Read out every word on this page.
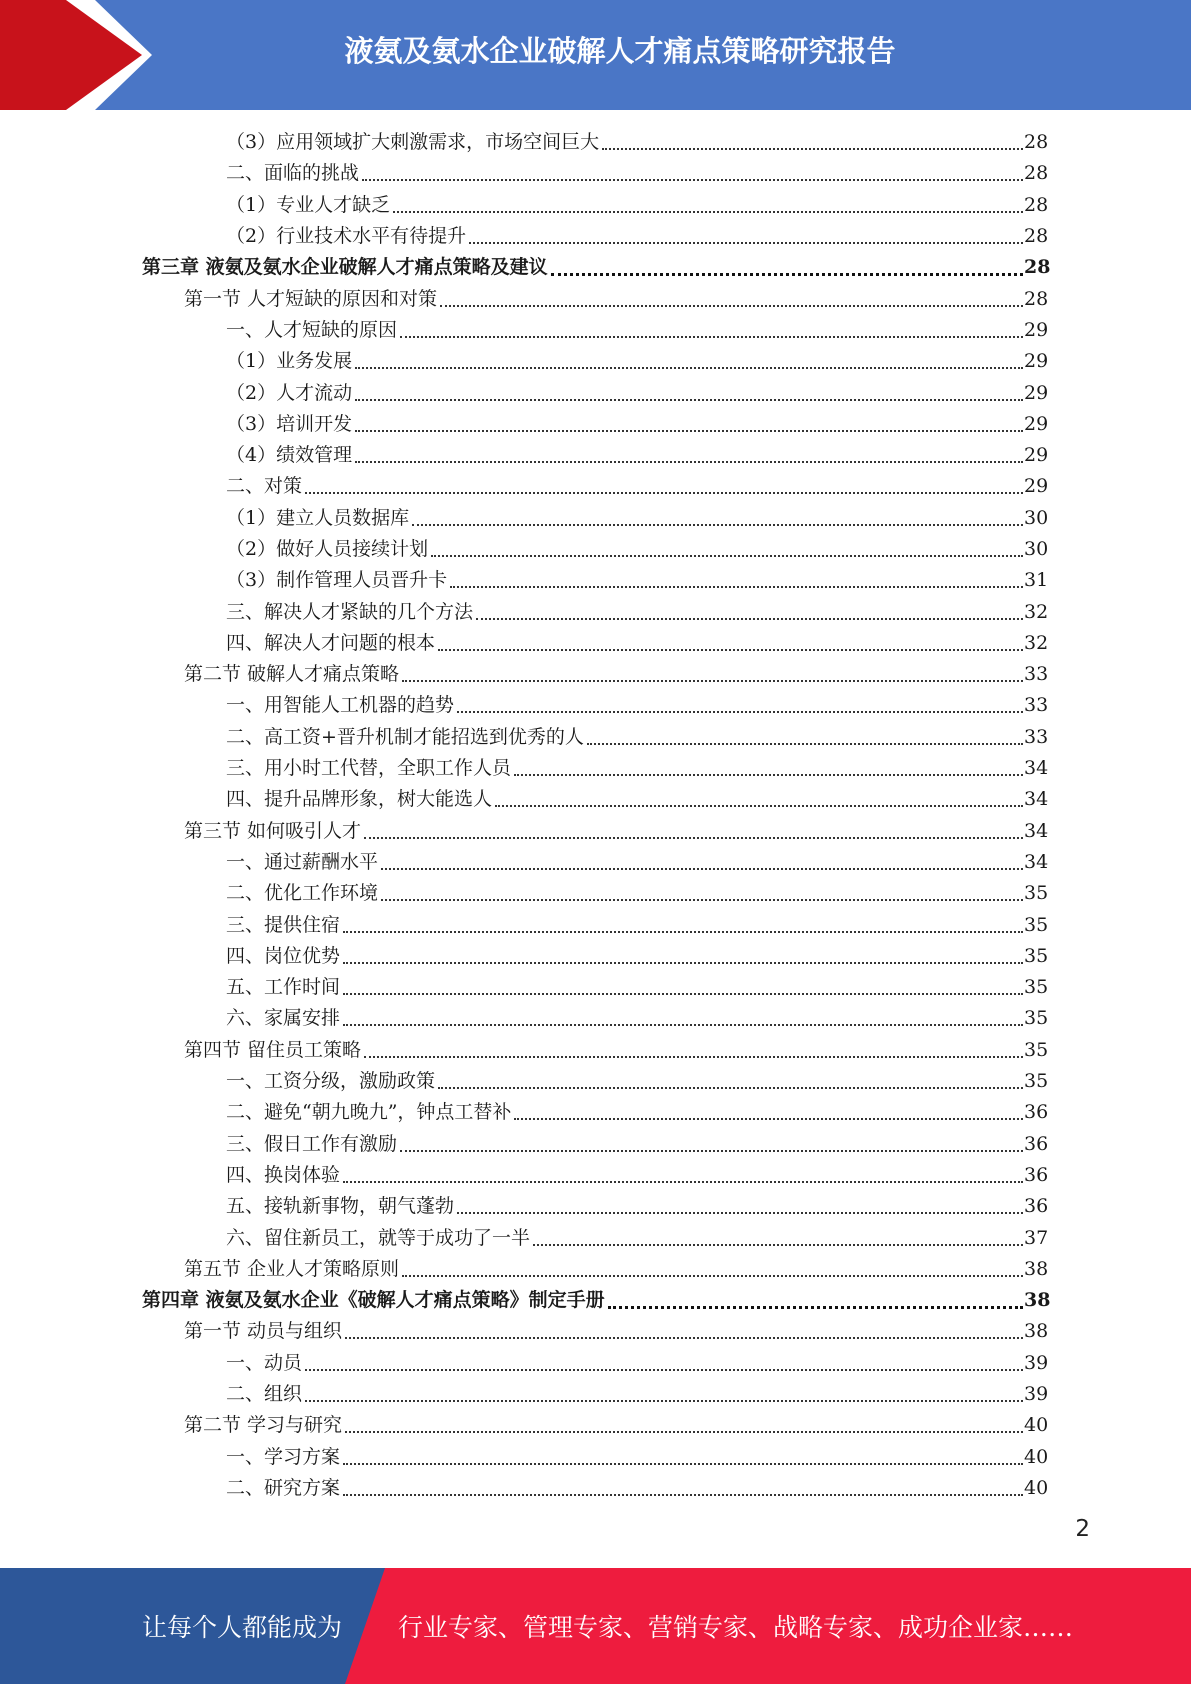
液氨及氨水企业破解人才痛点策略研究报告
（3）应用领域扩大刺激需求，市场空间巨大	28
二、面临的挑战	28
（1）专业人才缺乏	28
（2）行业技术水平有待提升	28
第三章 液氨及氨水企业破解人才痛点策略及建议	28
第一节 人才短缺的原因和对策	28
一、人才短缺的原因	29
（1）业务发展	29
（2）人才流动	29
（3）培训开发	29
（4）绩效管理	29
二、对策	29
（1）建立人员数据库	30
（2）做好人员接续计划	30
（3）制作管理人员晋升卡	31
三、解决人才紧缺的几个方法	32
四、解决人才问题的根本	32
第二节 破解人才痛点策略	33
一、用智能人工机器的趋势	33
二、高工资+晋升机制才能招选到优秀的人	33
三、用小时工代替，全职工作人员	34
四、提升品牌形象，树大能选人	34
第三节 如何吸引人才	34
一、通过薪酬水平	34
二、优化工作环境	35
三、提供住宿	35
四、岗位优势	35
五、工作时间	35
六、家属安排	35
第四节 留住员工策略	35
一、工资分级，激励政策	35
二、避免“朝九晚九”，钟点工替补	36
三、假日工作有激励	36
四、换岗体验	36
五、接轨新事物，朝气蓬勃	36
六、留住新员工，就等于成功了一半	37
第五节 企业人才策略原则	38
第四章 液氨及氨水企业《破解人才痛点策略》制定手册	38
第一节 动员与组织	38
一、动员	39
二、组织	39
第二节 学习与研究	40
一、学习方案	40
二、研究方案	40
2
让每个人都能成为 行业专家、管理专家、营销专家、战略专家、成功企业家……
